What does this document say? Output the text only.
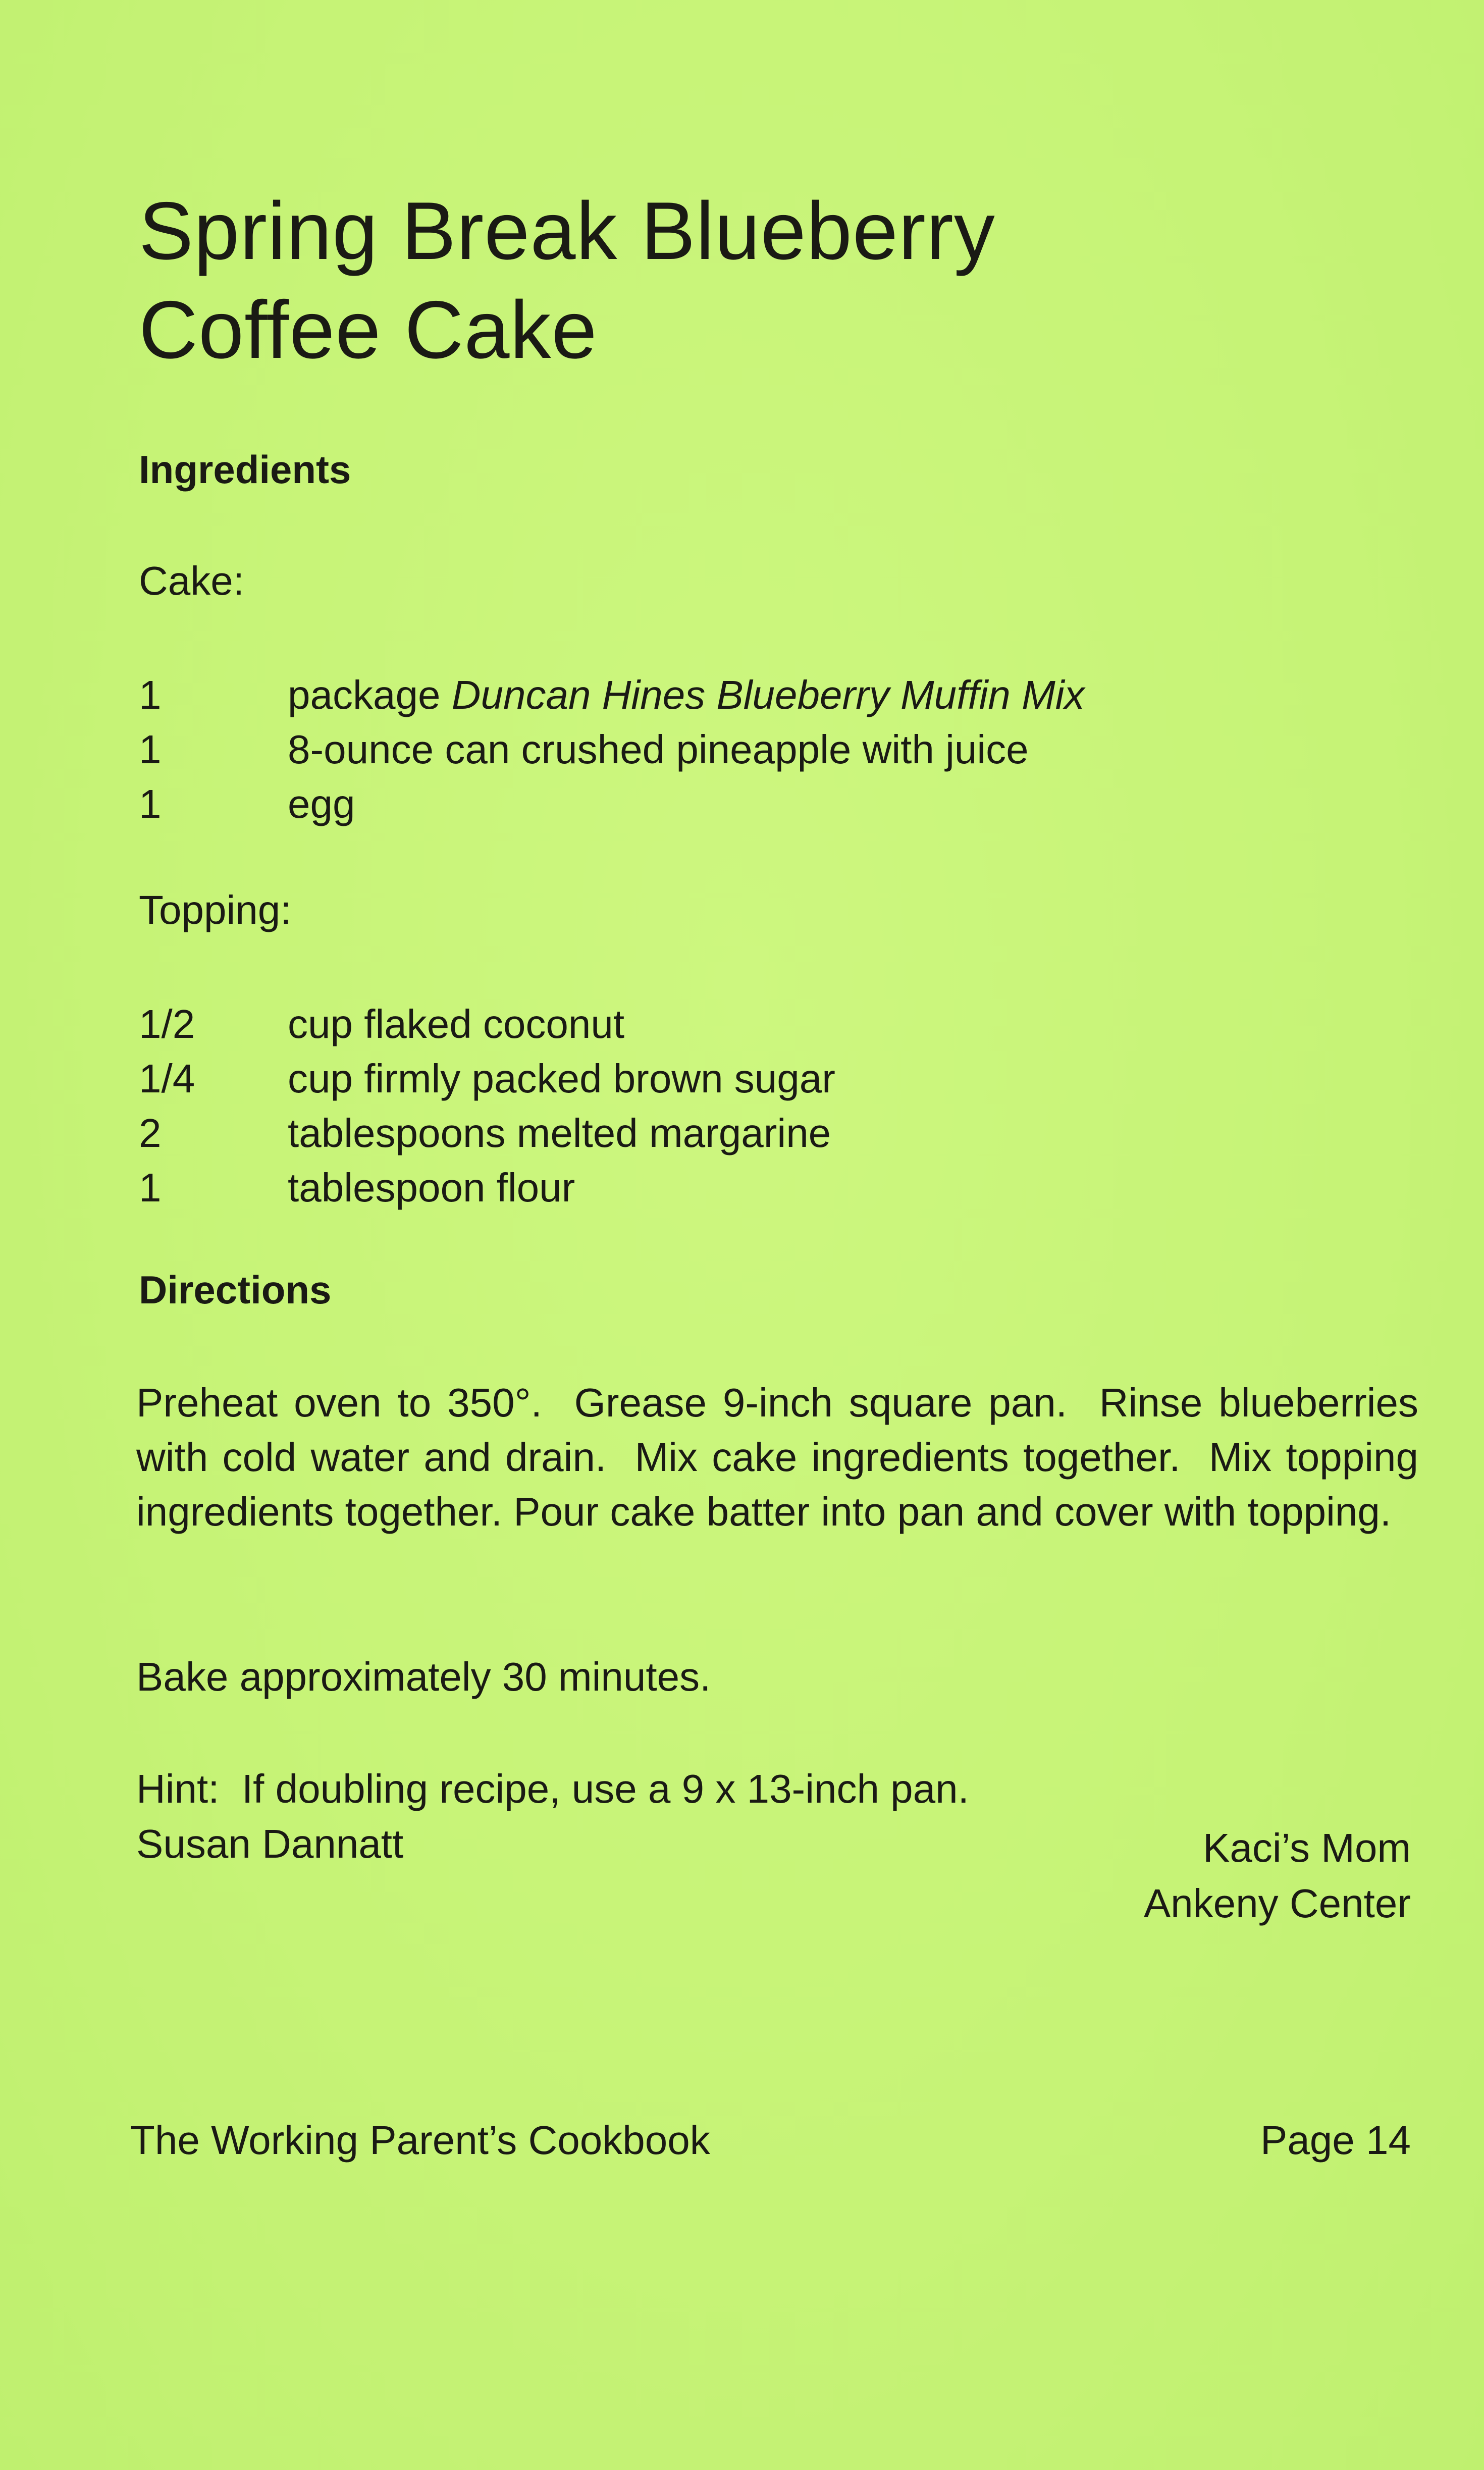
Spring Break Blueberry
Coffee Cake
Ingredients

Cake:

1	package Duncan Hines Blueberry Muffin Mix
1	8-ounce can crushed pineapple with juice
1	egg

Topping:

1/2	cup flaked coconut
1/4	cup firmly packed brown sugar
2	tablespoons melted margarine
1	tablespoon flour
Directions

Preheat oven to 350°.  Grease 9-inch square pan.  Rinse blueberries with cold water and drain.  Mix cake ingredients together.  Mix topping ingredients together. Pour cake batter into pan and cover with topping.

Bake approximately 30 minutes.

Hint:  If doubling recipe, use a 9 x 13-inch pan.

Susan Dannatt	Kaci’s Mom

Ankeny Center

The Working Parent’s Cookbook	Page 14
